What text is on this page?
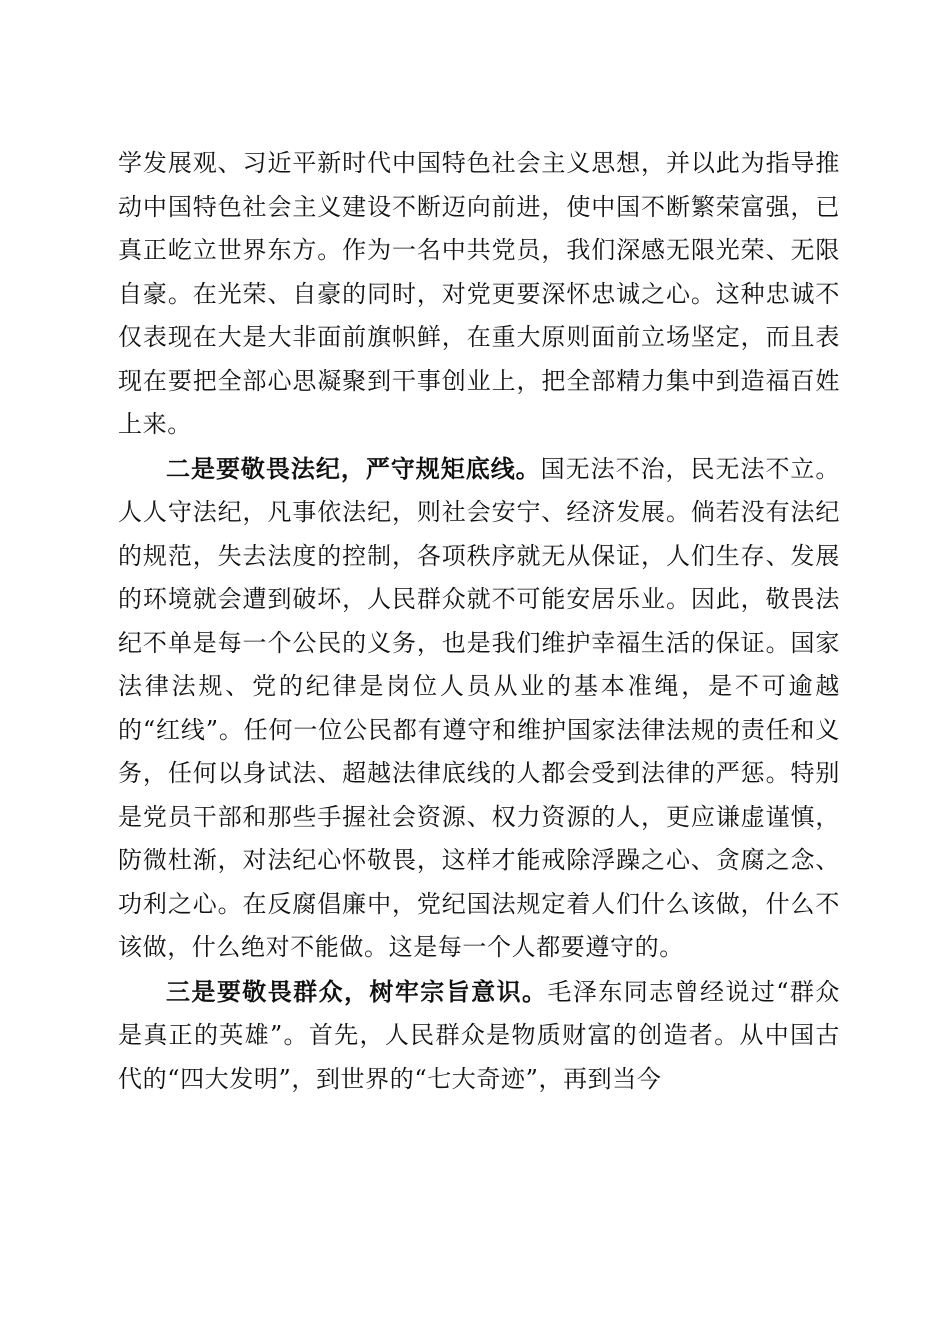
学发展观、习近平新时代中国特色社会主义思想，并以此为指导推动中国特色社会主义建设不断迈向前进，使中国不断繁荣富强，已真正屹立世界东方。作为一名中共党员，我们深感无限光荣、无限自豪。在光荣、自豪的同时，对党更要深怀忠诚之心。这种忠诚不仅表现在大是大非面前旗帜鲜，在重大原则面前立场坚定，而且表现在要把全部心思凝聚到干事创业上，把全部精力集中到造福百姓上来。

二是要敬畏法纪，严守规矩底线。国无法不治，民无法不立。人人守法纪，凡事依法纪，则社会安宁、经济发展。倘若没有法纪的规范，失去法度的控制，各项秩序就无从保证，人们生存、发展的环境就会遭到破坏，人民群众就不可能安居乐业。因此，敬畏法纪不单是每一个公民的义务，也是我们维护幸福生活的保证。国家法律法规、党的纪律是岗位人员从业的基本准绳，是不可逾越的“红线”。任何一位公民都有遵守和维护国家法律法规的责任和义务，任何以身试法、超越法律底线的人都会受到法律的严惩。特别是党员干部和那些手握社会资源、权力资源的人，更应谦虚谨慎，防微杜渐，对法纪心怀敬畏，这样才能戒除浮躁之心、贪腐之念、功利之心。在反腐倡廉中，党纪国法规定着人们什么该做，什么不该做，什么绝对不能做。这是每一个人都要遵守的。

三是要敬畏群众，树牢宗旨意识。毛泽东同志曾经说过“群众是真正的英雄”。首先，人民群众是物质财富的创造者。从中国古代的“四大发明”，到世界的“七大奇迹”，再到当今
